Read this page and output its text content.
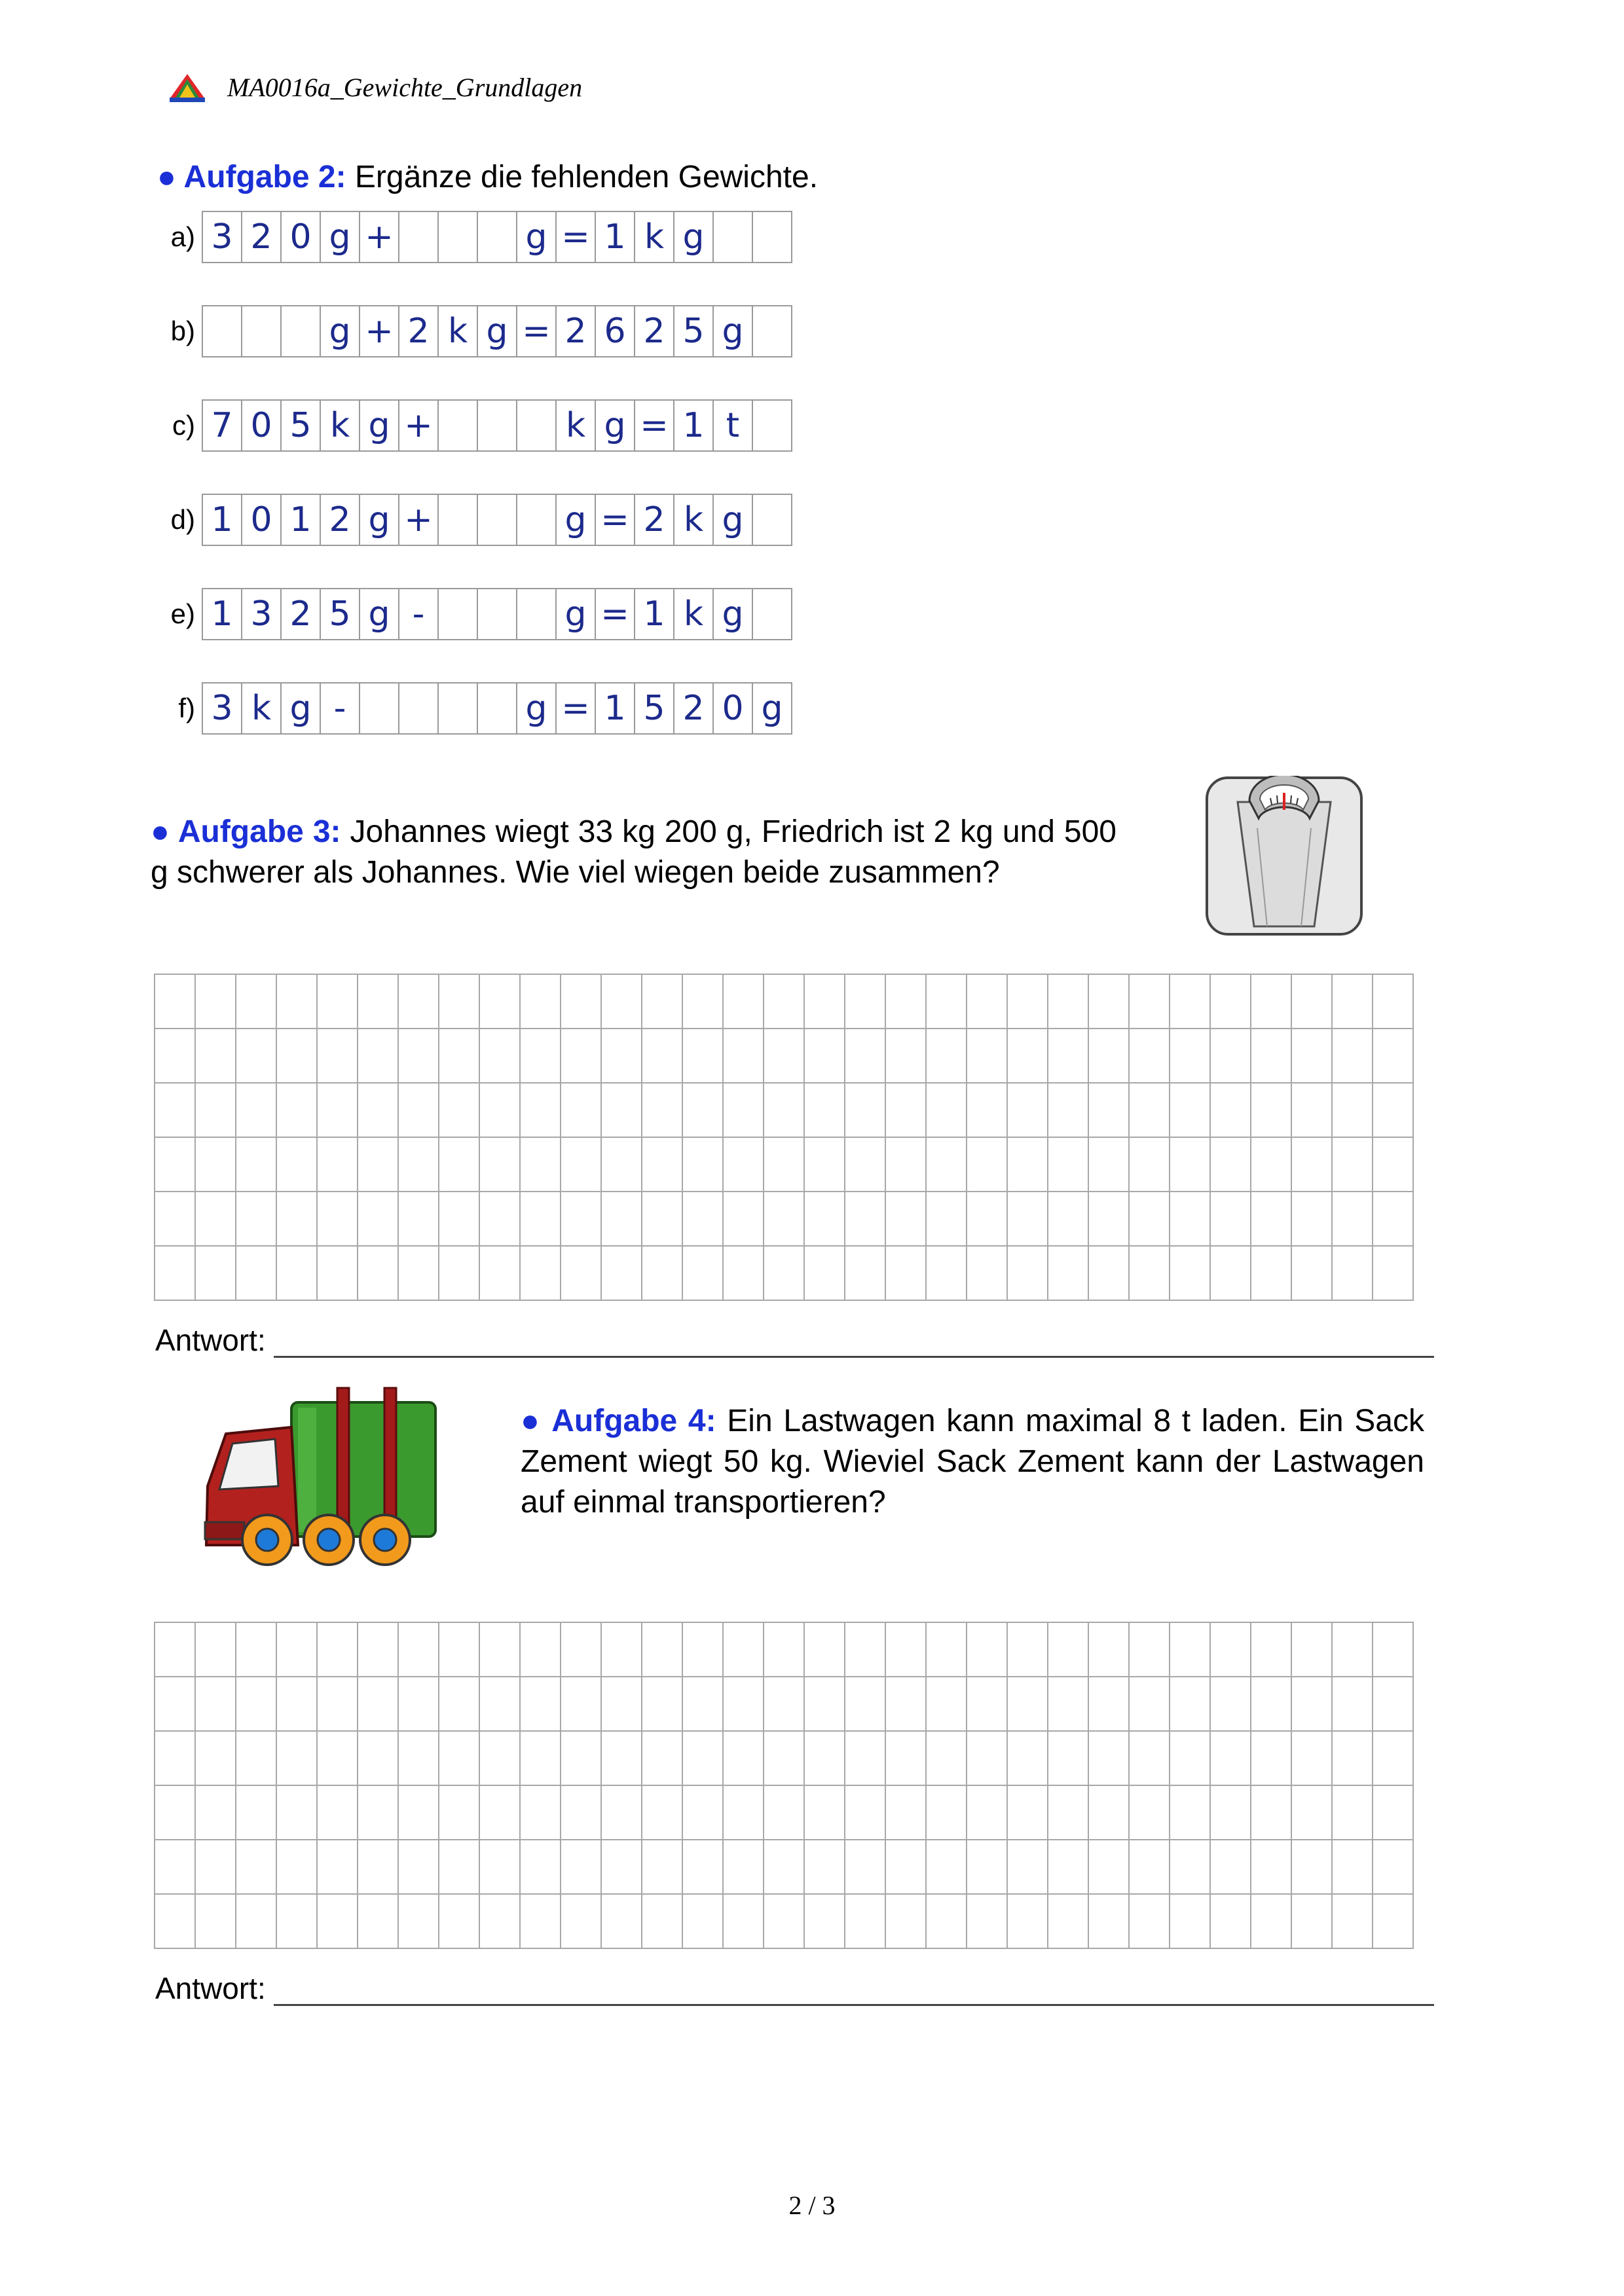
MA0016a_Gewichte_Grundlagen
● Aufgabe 2: Ergänze die fehlenden Gewichte.
a) 3 2 0 g +	g = 1 k g
b)	g + 2 k g = 2 6 2 5 g
c) 7 0 5 k g +	k g = 1 t
d) 1 0 1 2 g +	g = 2 k g
e) 1 3 2 5 g -	g = 1 k g
f) 3 k g -	g = 1 5 2 0 g
● Aufgabe 3: Johannes wiegt 33 kg 200 g, Friedrich ist 2 kg und 500 g schwerer als Johannes. Wie viel wiegen beide zusammen?
Antwort:
● Aufgabe 4: Ein Lastwagen kann maximal 8 t laden. Ein Sack Zement wiegt 50 kg. Wieviel Sack Zement kann der Lastwagen auf einmal transportieren?
Antwort:
2 / 3
